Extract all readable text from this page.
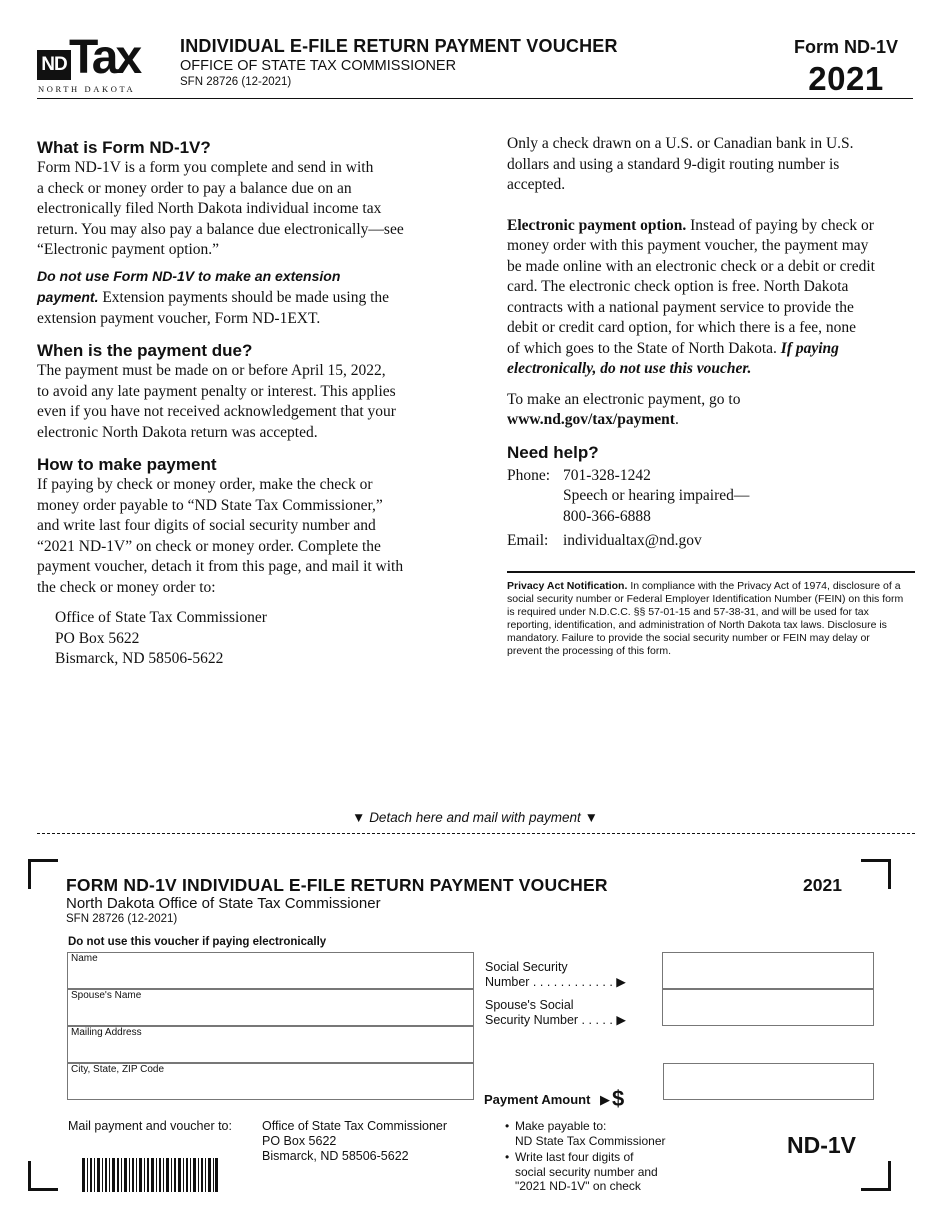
ND Tax
NORTH DAKOTA
INDIVIDUAL E-FILE RETURN PAYMENT VOUCHER
OFFICE OF STATE TAX COMMISSIONER
SFN 28726 (12-2021)
Form ND-1V
2021
What is Form ND-1V?
Form ND-1V is a form you complete and send in with
a check or money order to pay a balance due on an
electronically filed North Dakota individual income tax
return. You may also pay a balance due electronically—see
“Electronic payment option.”
Do not use Form ND-1V to make an extension
payment. Extension payments should be made using the
extension payment voucher, Form ND-1EXT.
When is the payment due?
The payment must be made on or before April 15, 2022,
to avoid any late payment penalty or interest. This applies
even if you have not received acknowledgement that your
electronic North Dakota return was accepted.
How to make payment
If paying by check or money order, make the check or
money order payable to “ND State Tax Commissioner,”
and write last four digits of social security number and
“2021 ND-1V” on check or money order. Complete the
payment voucher, detach it from this page, and mail it with
the check or money order to:
Office of State Tax Commissioner
PO Box 5622
Bismarck, ND 58506-5622
Only a check drawn on a U.S. or Canadian bank in U.S.
dollars and using a standard 9-digit routing number is
accepted.
Electronic payment option. Instead of paying by check or
money order with this payment voucher, the payment may
be made online with an electronic check or a debit or credit
card. The electronic check option is free. North Dakota
contracts with a national payment service to provide the
debit or credit card option, for which there is a fee, none
of which goes to the State of North Dakota. If paying
electronically, do not use this voucher.
To make an electronic payment, go to
www.nd.gov/tax/payment.
Need help?
Phone: 701-328-1242
Speech or hearing impaired—
800-366-6888
Email: individualtax@nd.gov
Privacy Act Notification. In compliance with the Privacy Act of 1974, disclosure of a social security number or Federal Employer Identification Number (FEIN) on this form is required under N.D.C.C. §§ 57-01-15 and 57-38-31, and will be used for tax reporting, identification, and administration of North Dakota tax laws. Disclosure is mandatory. Failure to provide the social security number or FEIN may delay or prevent the processing of this form.
▼ Detach here and mail with payment ▼
FORM ND-1V INDIVIDUAL E-FILE RETURN PAYMENT VOUCHER	2021
North Dakota Office of State Tax Commissioner
SFN 28726 (12-2021)
Do not use this voucher if paying electronically
Name
Spouse's Name
Mailing Address
City, State, ZIP Code
Social Security
Number . . . . . . . . . . . . ▶
Spouse's Social
Security Number . . . . . ▶
Payment Amount ▶$
Mail payment and voucher to: Office of State Tax Commissioner
PO Box 5622
Bismarck, ND 58506-5622
• Make payable to:
ND State Tax Commissioner
• Write last four digits of
social security number and
"2021 ND-1V" on check
ND-1V
